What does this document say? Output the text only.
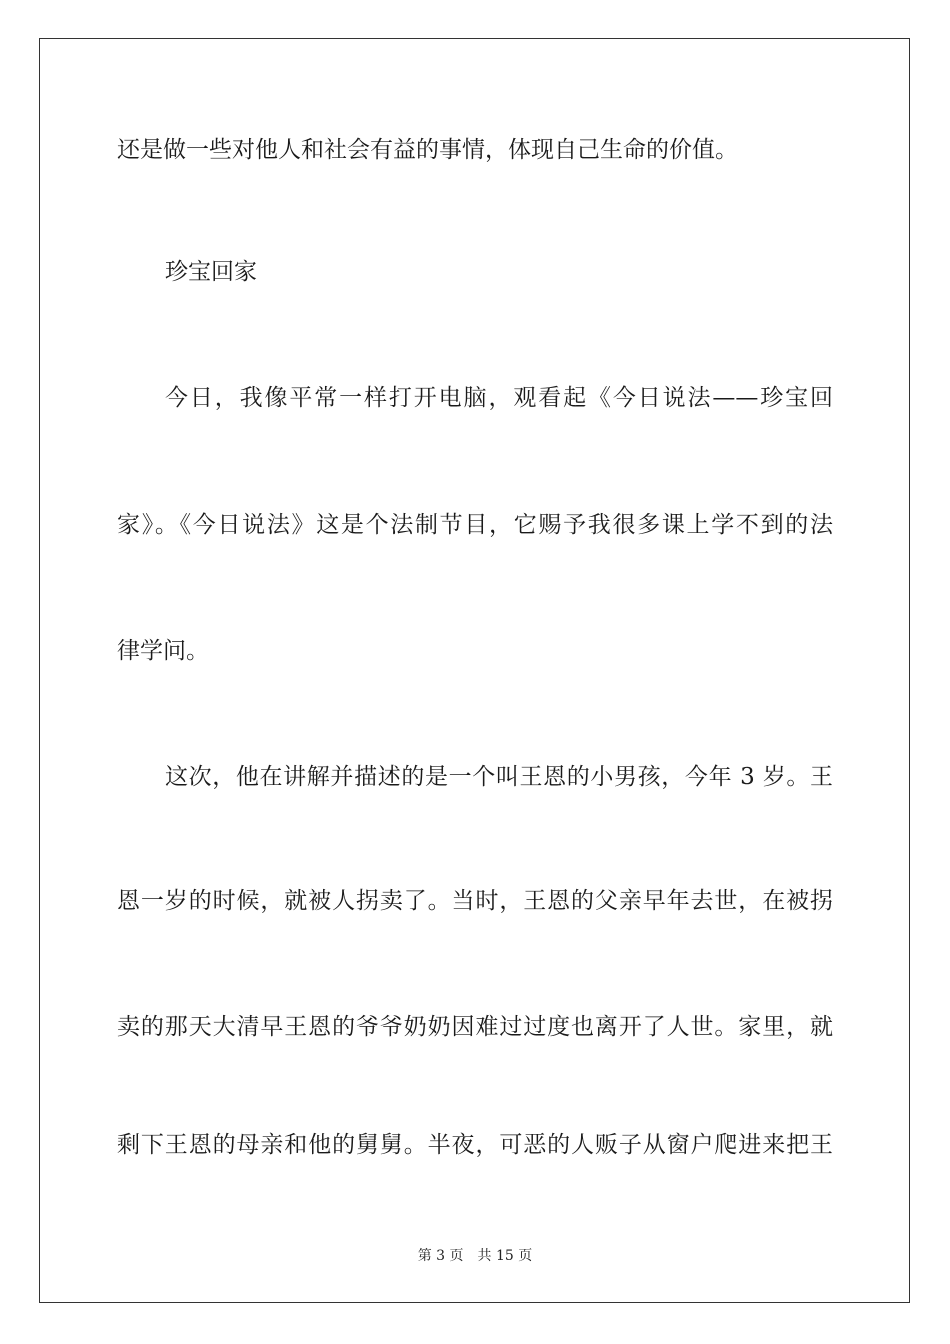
还是做一些对他人和社会有益的事情，体现自己生命的价值。
珍宝回家
今日，我像平常一样打开电脑，观看起《今日说法——珍宝回
家》。《今日说法》这是个法制节目，它赐予我很多课上学不到的法
律学问。
这次，他在讲解并描述的是一个叫王恩的小男孩，今年 3 岁。王
恩一岁的时候，就被人拐卖了。当时，王恩的父亲早年去世，在被拐
卖的那天大清早王恩的爷爷奶奶因难过过度也离开了人世。家里，就
剩下王恩的母亲和他的舅舅。半夜，可恶的人贩子从窗户爬进来把王
第 3 页 共 15 页
